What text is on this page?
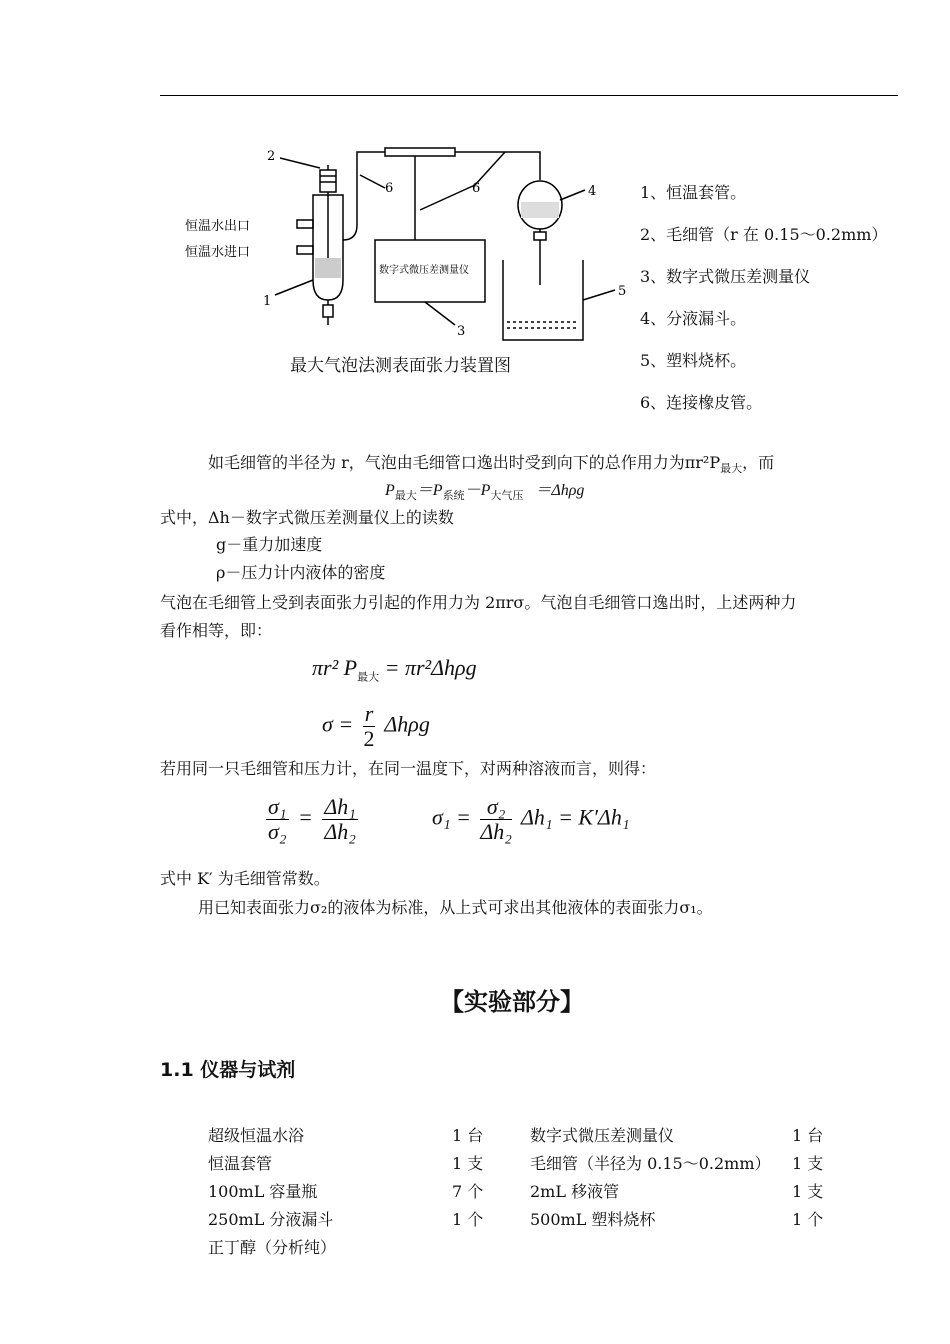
2
恒温水出口
恒温水进口
1
6	6	4
5
3
数字式微压差测量仪
最大气泡法测表面张力装置图
1、恒温套管。
2、毛细管（r 在 0.15～0.2mm）
3、数字式微压差测量仪
4、分液漏斗。
5、塑料烧杯。
6、连接橡皮管。
如毛细管的半径为 r，气泡由毛细管口逸出时受到向下的总作用力为$\pi r^2P_{最大}$，而
$P_{最大}=P_{系统}-P_{大气压} =\Delta h\rho g$
式中，Δh－数字式微压差测量仪上的读数
g－重力加速度
ρ－压力计内液体的密度
气泡在毛细管上受到表面张力引起的作用力为 2πrσ。气泡自毛细管口逸出时，上述两种力
看作相等，即：
πr² $P_{最大} = \pi r^2\Delta h\rho g$
$\sigma = \frac{r}{2}$ Δhρg
若用同一只毛细管和压力计，在同一温度下，对两种溶液而言，则得：
$\frac{\text{σ₁}}{\text{σ₂}} = \frac{\text{Δh₁}}{\text{Δh₂}}$	$\sigma_1 = \frac{\text{σ₂}}{\text{Δh₂}} \Delta h_1 = K'\Delta h_1$
式中 K′ 为毛细管常数。
用已知表面张力σ₂的液体为标准，从上式可求出其他液体的表面张力σ₁。
【实验部分】
1.1 仪器与试剂
超级恒温水浴	1 台	数字式微压差测量仪	1 台
恒温套管	1 支	毛细管（半径为 0.15～0.2mm）	1 支
100mL 容量瓶	7 个	2mL 移液管	1 支
250mL 分液漏斗	1 个	500mL 塑料烧杯	1 个
正丁醇（分析纯）			
